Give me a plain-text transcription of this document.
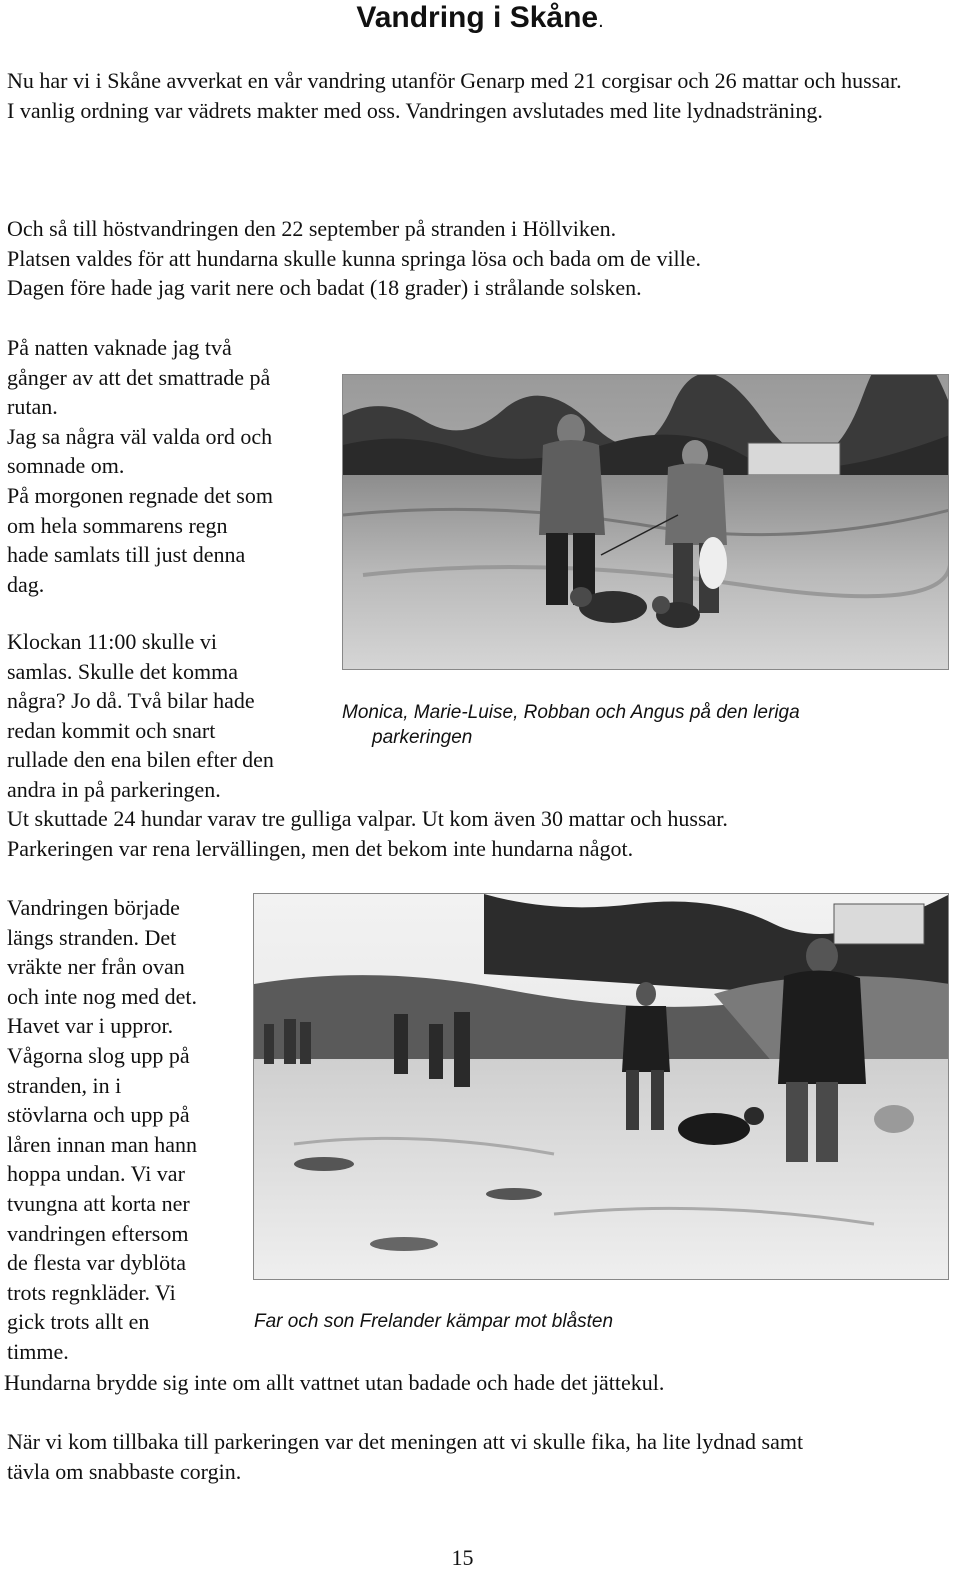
Vandring i Skåne.

Nu har vi i Skåne avverkat en vår vandring utanför Genarp med 21 corgisar och 26 mattar och hussar.

I vanlig ordning var vädrets makter med oss. Vandringen avslutades med lite lydnadsträning.

Och så till höstvandringen den 22 september på stranden i Höllviken.

Platsen valdes för att hundarna skulle kunna springa lösa och bada om de ville.

Dagen före hade jag varit nere och badat (18 grader) i strålande solsken.

På natten vaknade jag två

gånger av att det smattrade på

rutan.

Jag sa några väl valda ord och

somnade om.

På morgonen regnade det som

om hela sommarens regn

hade samlats till just denna

dag.

Klockan 11:00 skulle vi

samlas. Skulle det komma

några? Jo då. Två bilar hade

redan kommit och snart

rullade den ena bilen efter den

andra in på parkeringen.

Monica, Marie-Luise, Robban och Angus på den leriga
parkeringen

Ut skuttade 24 hundar varav tre gulliga valpar. Ut kom även 30 mattar och hussar.

Parkeringen var rena lervällingen, men det bekom inte hundarna något.

Vandringen började

längs stranden. Det

vräkte ner från ovan

och inte nog med det.

Havet var i uppror.

Vågorna slog upp på

stranden, in i

stövlarna och upp på

låren innan man hann

hoppa undan. Vi var

tvungna att korta ner

vandringen eftersom

de flesta var dyblöta

trots regnkläder. Vi

gick trots allt en

timme.

Far och son Frelander kämpar mot blåsten

Hundarna brydde sig inte om allt vattnet utan badade och hade det jättekul.

När vi kom tillbaka till parkeringen var det meningen att vi skulle fika, ha lite lydnad samt

tävla om snabbaste corgin.

15
